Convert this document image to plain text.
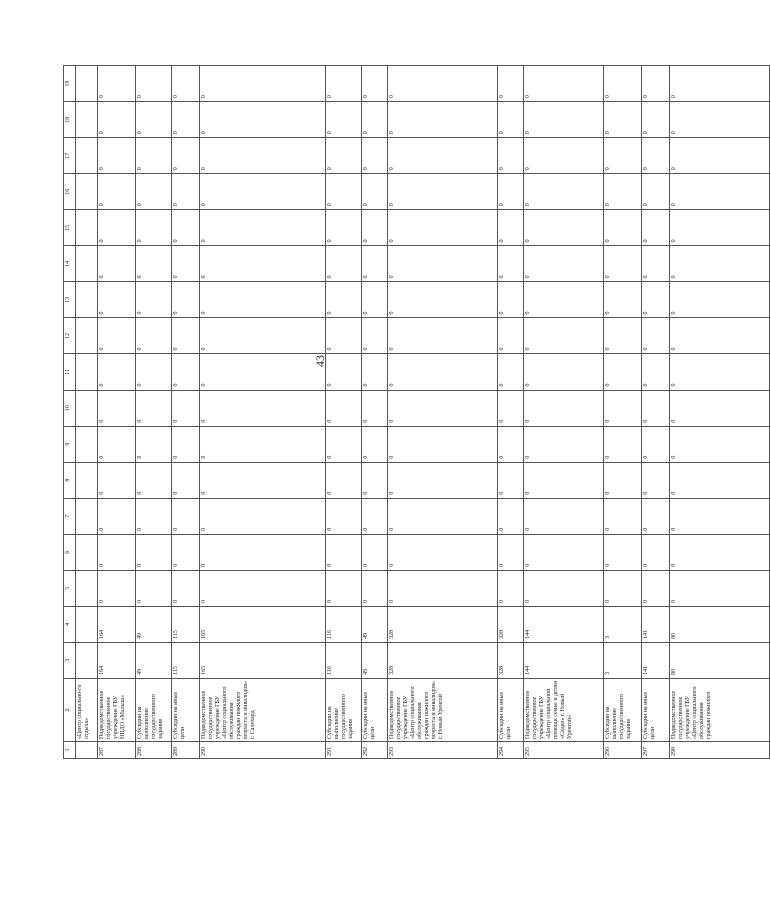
43
1	2	3	4	5	6	7	8	9	10	11	12	13	14	15	16	17	18	19
	«Центр социально-го отдыха»																	
287	Подведомственное государственное учреждение ГБУ НПДО «Малыш»	164	164	0	0	0	0	0	0	0	0	0	0	0	0	0	0	0
288	Субсидии на выполнение государственного задания	49	49	0	0	0	0	0	0	0	0	0	0	0	0	0	0	0
289	Субсидии на иные цели	115	115	0	0	0	0	0	0	0	0	0	0	0	0	0	0	0
290	Подведомственное государственное учреждение ГБУ «Центр социального обслуживания граждан пожилого возраста и инвалидов» г. Салехард	165	165	0	0	0	0	0	0	0	0	0	0	0	0	0	0	0
291	Субсидии на выполнение государственного задания	116	116	0	0	0	0	0	0	0	0	0	0	0	0	0	0	0
292	Субсидии на иные цели	49	49	0	0	0	0	0	0	0	0	0	0	0	0	0	0	0
293	Подведомственное государственное учреждение ГБУ «Центр социального обслуживания граждан пожилого возраста и инвалидов» г. Новый Уренгой	328	328	0	0	0	0	0	0	0	0	0	0	0	0	0	0	0
294	Субсидии на иные цели	328	328	0	0	0	0	0	0	0	0	0	0	0	0	0	0	0
295	Подведомственное государственное учреждение ГБУ «Центр социальной помощи семье и детям «Садко» г. Новый Уренгой»	144	144	0	0	0	0	0	0	0	0	0	0	0	0	0	0	0
296	Субсидии на выполнение государственного задания	3	3	0	0	0	0	0	0	0	0	0	0	0	0	0	0	0
297	Субсидии на иные цели	141	141	0	0	0	0	0	0	0	0	0	0	0	0	0	0	0
298	Подведомственное государственное учреждение ГБУ «Центр социального обслуживания граждан пожилого	80	80	0	0	0	0	0	0	0	0	0	0	0	0	0	0	0
